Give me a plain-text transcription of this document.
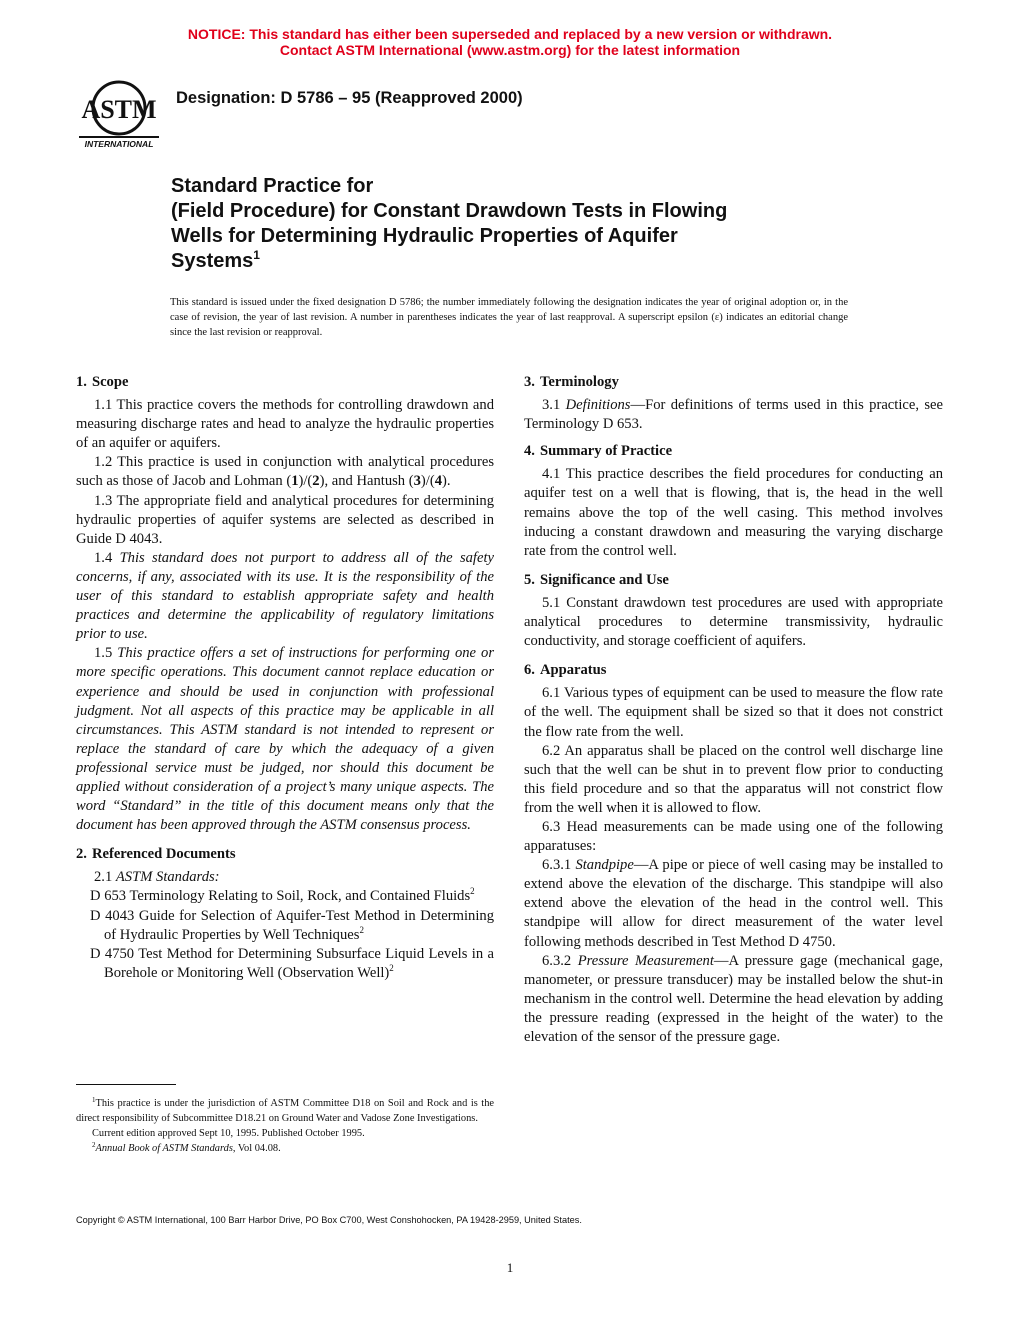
NOTICE: This standard has either been superseded and replaced by a new version or withdrawn.
Contact ASTM International (www.astm.org) for the latest information
ASTM
INTERNATIONAL
Designation: D 5786 – 95 (Reapproved 2000)
Standard Practice for
(Field Procedure) for Constant Drawdown Tests in Flowing
Wells for Determining Hydraulic Properties of Aquifer
Systems$^1$
This standard is issued under the fixed designation D 5786; the number immediately following the designation indicates the year of original adoption or, in the case of revision, the year of last revision. A number in parentheses indicates the year of last reapproval. A superscript epsilon (ε) indicates an editorial change since the last revision or reapproval.
1. Scope

1.1 This practice covers the methods for controlling drawdown and measuring discharge rates and head to analyze the hydraulic properties of an aquifer or aquifers.

1.2 This practice is used in conjunction with analytical procedures such as those of Jacob and Lohman (1)/(2), and Hantush (3)/(4).

1.3 The appropriate field and analytical procedures for determining hydraulic properties of aquifer systems are selected as described in Guide D 4043.

1.4 This standard does not purport to address all of the safety concerns, if any, associated with its use. It is the responsibility of the user of this standard to establish appropriate safety and health practices and determine the applicability of regulatory limitations prior to use.

1.5 This practice offers a set of instructions for performing one or more specific operations. This document cannot replace education or experience and should be used in conjunction with professional judgment. Not all aspects of this practice may be applicable in all circumstances. This ASTM standard is not intended to represent or replace the standard of care by which the adequacy of a given professional service must be judged, nor should this document be applied without consideration of a project’s many unique aspects. The word “Standard” in the title of this document means only that the document has been approved through the ASTM consensus process.

2. Referenced Documents

2.1 ASTM Standards:

D 653 Terminology Relating to Soil, Rock, and Contained Fluids$^2$

D 4043 Guide for Selection of Aquifer-Test Method in Determining of Hydraulic Properties by Well Techniques$^2$

D 4750 Test Method for Determining Subsurface Liquid Levels in a Borehole or Monitoring Well (Observation Well)$^2$

3. Terminology

3.1 Definitions—For definitions of terms used in this practice, see Terminology D 653.

4. Summary of Practice

4.1 This practice describes the field procedures for conducting an aquifer test on a well that is flowing, that is, the head in the well remains above the top of the well casing. This method involves inducing a constant drawdown and measuring the varying discharge rate from the control well.

5. Significance and Use

5.1 Constant drawdown test procedures are used with appropriate analytical procedures to determine transmissivity, hydraulic conductivity, and storage coefficient of aquifers.

6. Apparatus

6.1 Various types of equipment can be used to measure the flow rate of the well. The equipment shall be sized so that it does not constrict the flow rate from the well.

6.2 An apparatus shall be placed on the control well discharge line such that the well can be shut in to prevent flow prior to conducting this field procedure and so that the apparatus will not constrict flow from the well when it is allowed to flow.

6.3 Head measurements can be made using one of the following apparatuses:

6.3.1 Standpipe—A pipe or piece of well casing may be installed to extend above the elevation of the discharge. This standpipe will also extend above the elevation of the head in the control well. This standpipe will allow for direct measurement of the water level following methods described in Test Method D 4750.

6.3.2 Pressure Measurement—A pressure gage (mechanical gage, manometer, or pressure transducer) may be installed below the shut-in mechanism in the control well. Determine the head elevation by adding the pressure reading (expressed in the height of the water) to the elevation of the sensor of the pressure gage.

$^1$This practice is under the jurisdiction of ASTM Committee D18 on Soil and Rock and is the direct responsibility of Subcommittee D18.21 on Ground Water and Vadose Zone Investigations.

Current edition approved Sept 10, 1995. Published October 1995.

$^2$Annual Book of ASTM Standards, Vol 04.08.

Copyright © ASTM International, 100 Barr Harbor Drive, PO Box C700, West Conshohocken, PA 19428-2959, United States.
1
